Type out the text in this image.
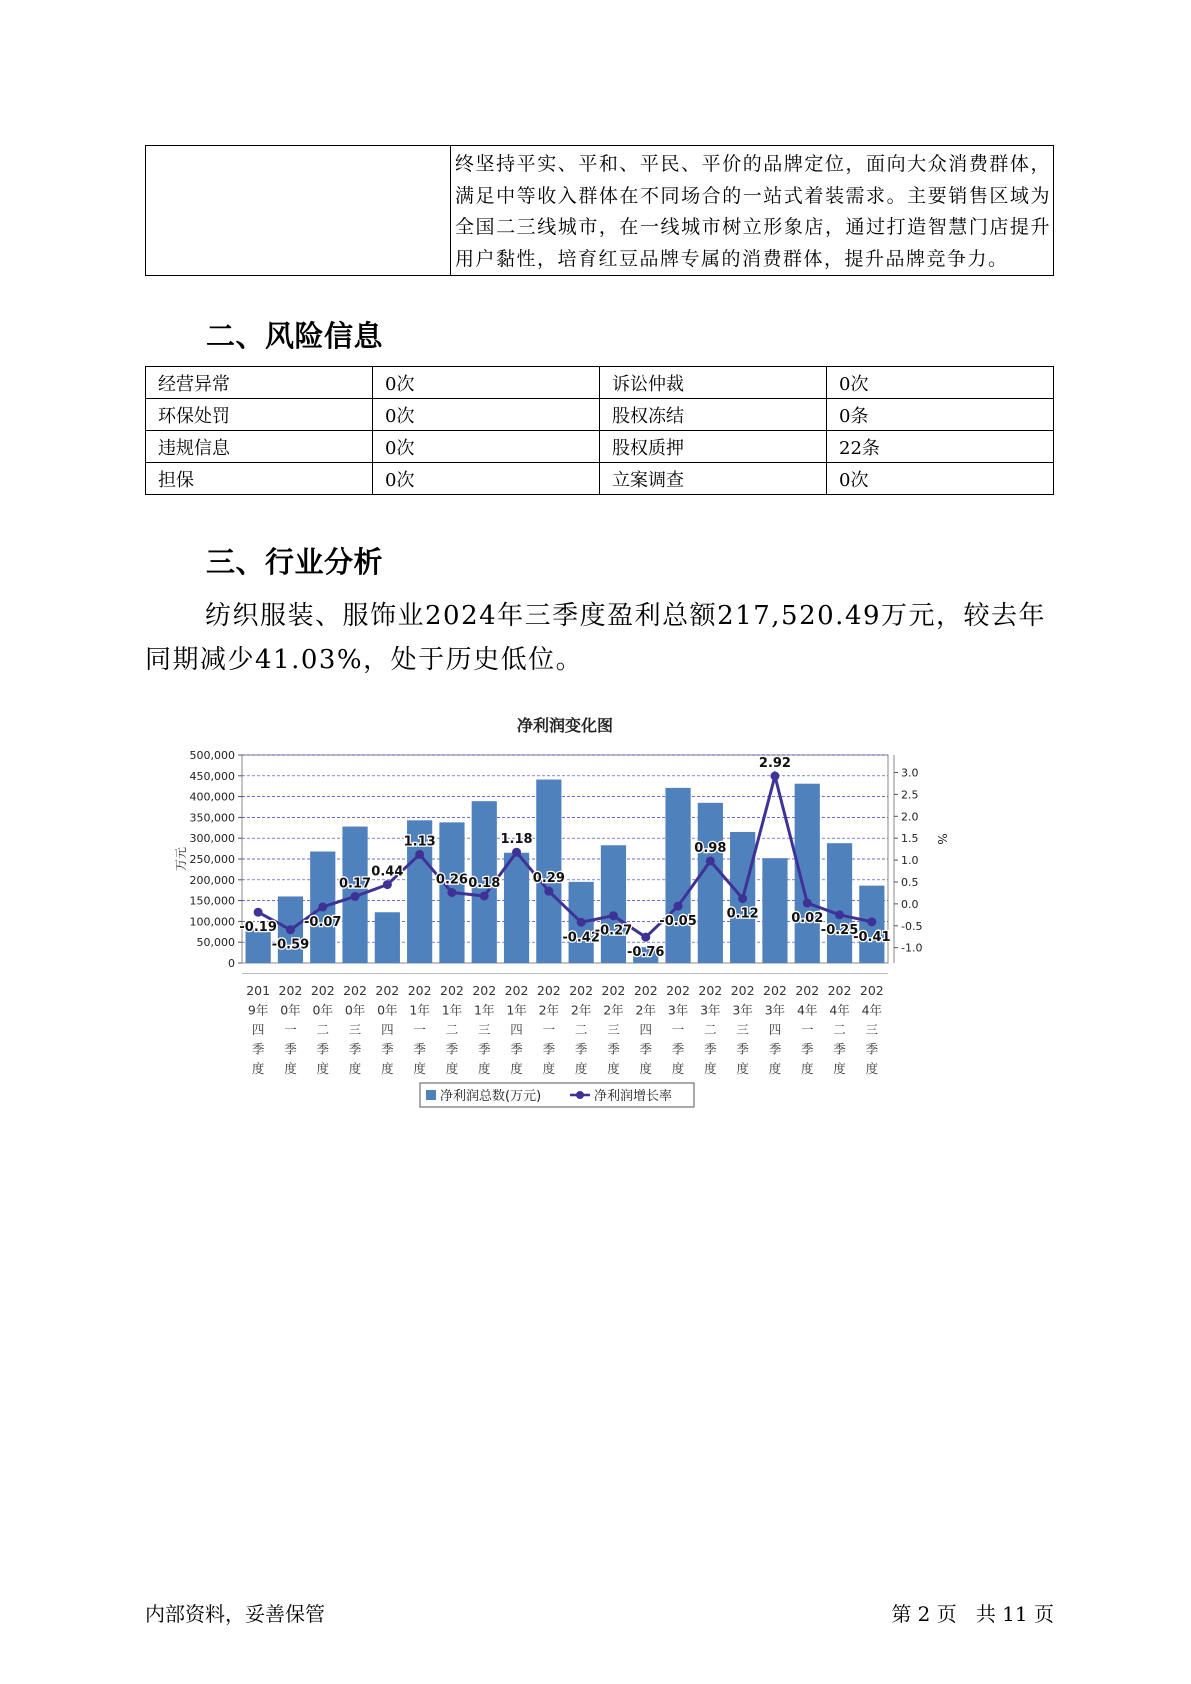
终坚持平实、平和、平民、平价的品牌定位，面向大众消费群体，满足中等收入群体在不同场合的一站式着装需求。主要销售区域为全国二三线城市，在一线城市树立形象店，通过打造智慧门店提升用户黏性，培育红豆品牌专属的消费群体，提升品牌竞争力。
二、风险信息
经营异常	0次	诉讼仲裁	0次
环保处罚	0次	股权冻结	0条
违规信息	0次	股权质押	22条
担保	0次	立案调查	0次
三、行业分析
纺织服装、服饰业2024年三季度盈利总额217,520.49万元，较去年同期减少41.03%，处于历史低位。
净利润变化图
0
50,000
100,000
150,000
200,000
250,000
300,000
350,000
400,000
450,000
500,000
-1.0
-0.5
0.0
0.5
1.0
1.5
2.0
2.5
3.0
万元
%
-0.19
-0.59
-0.07
0.17
0.44
1.13
0.26 0.18
1.18
0.29
-0.42
-0.27
-0.76
-0.05
0.98
0.12
2.92
0.02
-0.25
-0.41
201 9年四季度
202 0年一季度
202 0年二季度
202 0年三季度
202 0年四季度
202 1年一季度
202 1年二季度
202 1年三季度
202 1年四季度
202 2年一季度
202 2年二季度
202 2年三季度
202 2年四季度
202 3年一季度
202 3年二季度
202 3年三季度
202 3年四季度
202 4年一季度
202 4年二季度
202 4年三季度
净利润总数(万元)	净利润增长率
内部资料，妥善保管	第 2 页   共 11 页
